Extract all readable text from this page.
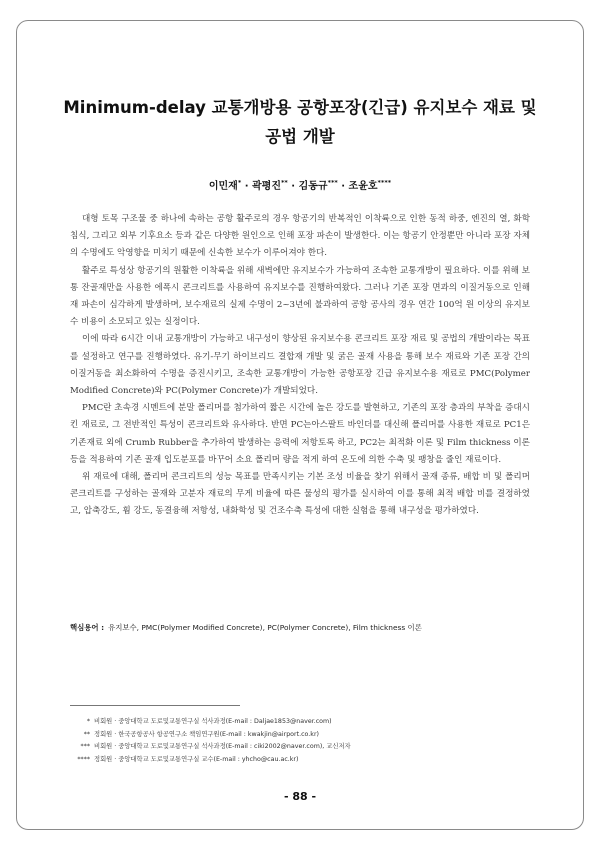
Minimum-delay 교통개방용 공항포장(긴급) 유지보수 재료 및
공법 개발
이민재* · 곽평진** · 김동규*** · 조윤호****

대형 토목 구조물 중 하나에 속하는 공항 활주로의 경우 항공기의 반복적인 이착륙으로 인한 동적 하중, 엔진의 열, 화학침식, 그리고 외부 기후요소 등과 같은 다양한 원인으로 인해 포장 파손이 발생한다. 이는 항공기 안정뿐만 아니라 포장 자체의 수명에도 악영향을 미치기 때문에 신속한 보수가 이루어져야 한다.

활주로 특성상 항공기의 원활한 이착륙을 위해 새벽에만 유지보수가 가능하여 조속한 교통개방이 필요하다. 이를 위해 보통 잔골재만을 사용한 에폭시 콘크리트를 사용하여 유지보수를 진행하여왔다. 그러나 기존 포장 면과의 이질거동으로 인해 재 파손이 심각하게 발생하며, 보수재료의 실제 수명이 2~3년에 불과하여 공항 공사의 경우 연간 100억 원 이상의 유지보수 비용이 소모되고 있는 실정이다.

이에 따라 6시간 이내 교통개방이 가능하고 내구성이 향상된 유지보수용 콘크리트 포장 재료 및 공법의 개발이라는 목표를 설정하고 연구를 진행하였다. 유기-무기 하이브리드 결합재 개발 및 굵은 골재 사용을 통해 보수 재료와 기존 포장 간의 이질거동을 최소화하여 수명을 증진시키고, 조속한 교통개방이 가능한 공항포장 긴급 유지보수용 재료로 PMC(Polymer Modified Concrete)와 PC(Polymer Concrete)가 개발되었다.

PMC란 초속경 시멘트에 분말 폴리머를 첨가하여 짧은 시간에 높은 강도를 발현하고, 기존의 포장 층과의 부착을 증대시킨 재료로, 그 전반적인 특성이 콘크리트와 유사하다. 반면 PC는아스팔트 바인더를 대신해 폴리머를 사용한 재료로 PC1은 기존재료 외에 Crumb Rubber을 추가하여 발생하는 응력에 저항토록 하고, PC2는 최적화 이론 및 Film thickness 이론 등을 적용하여 기존 골재 입도분포를 바꾸어 소요 폴리머 량을 적게 하여 온도에 의한 수축 및 팽창을 줄인 재료이다.

위 재료에 대해, 폴리머 콘크리트의 성능 목표를 만족시키는 기본 조성 비율을 찾기 위해서 골재 종류, 배합 비 및 폴리머 콘크리트를 구성하는 골재와 고분자 재료의 무게 비율에 따른 물성의 평가를 실시하여 이를 통해 최적 배합 비를 결정하였고, 압축강도, 휨 강도, 동결융해 저항성, 내화학성 및 건조수축 특성에 대한 실험을 통해 내구성을 평가하였다.

핵심용어 : 유지보수, PMC(Polymer Modified Concrete), PC(Polymer Concrete), Film thickness 이론
* 비회원 · 중앙대학교 도로및교통연구실 석사과정(E-mail : Daljae1853@naver.com)
** 정회원 · 한국공항공사 항공연구소 책임연구원(E-mail : kwakjin@airport.co.kr)
*** 비회원 · 중앙대학교 도로및교통연구실 석사과정(E-mail : ciki2002@naver.com), 교신저자
**** 정회원 · 중앙대학교 도로및교통연구실 교수(E-mail : yhcho@cau.ac.kr)
- 88 -
